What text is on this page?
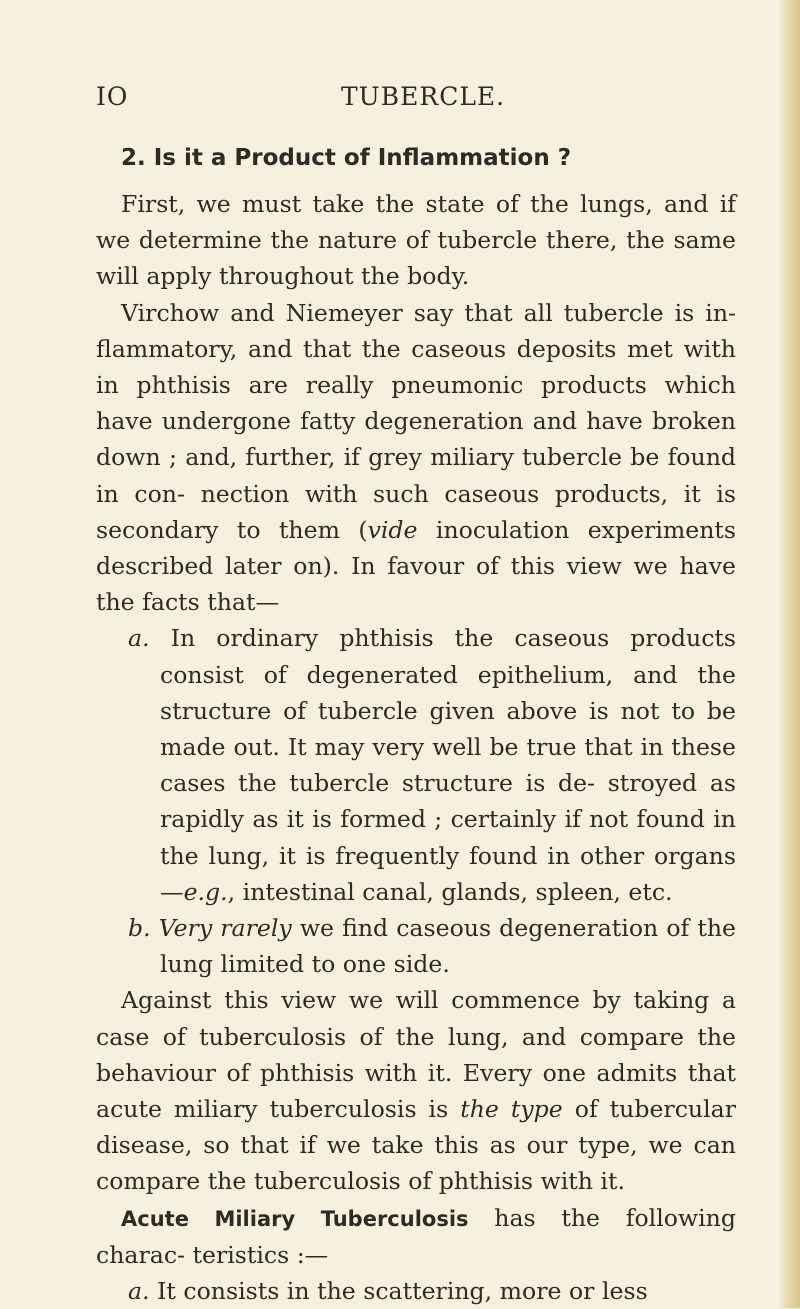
IO	TUBERCLE.
2. Is it a Product of Inflammation ?

First, we must take the state of the lungs, and if we determine the nature of tubercle there, the same will apply throughout the body.

Virchow and Niemeyer say that all tubercle is in- flammatory, and that the caseous deposits met with in phthisis are really pneumonic products which have undergone fatty degeneration and have broken down ; and, further, if grey miliary tubercle be found in con- nection with such caseous products, it is secondary to them (vide inoculation experiments described later on). In favour of this view we have the facts that—

a. In ordinary phthisis the caseous products consist of degenerated epithelium, and the structure of tubercle given above is not to be made out. It may very well be true that in these cases the tubercle structure is de- stroyed as rapidly as it is formed ; certainly if not found in the lung, it is frequently found in other organs—e.g., intestinal canal, glands, spleen, etc.

b. Very rarely we find caseous degeneration of the lung limited to one side.

Against this view we will commence by taking a case of tuberculosis of the lung, and compare the behaviour of phthisis with it. Every one admits that acute miliary tuberculosis is the type of tubercular disease, so that if we take this as our type, we can compare the tuberculosis of phthisis with it.

Acute Miliary Tuberculosis has the following charac- teristics :—

a. It consists in the scattering, more or less
